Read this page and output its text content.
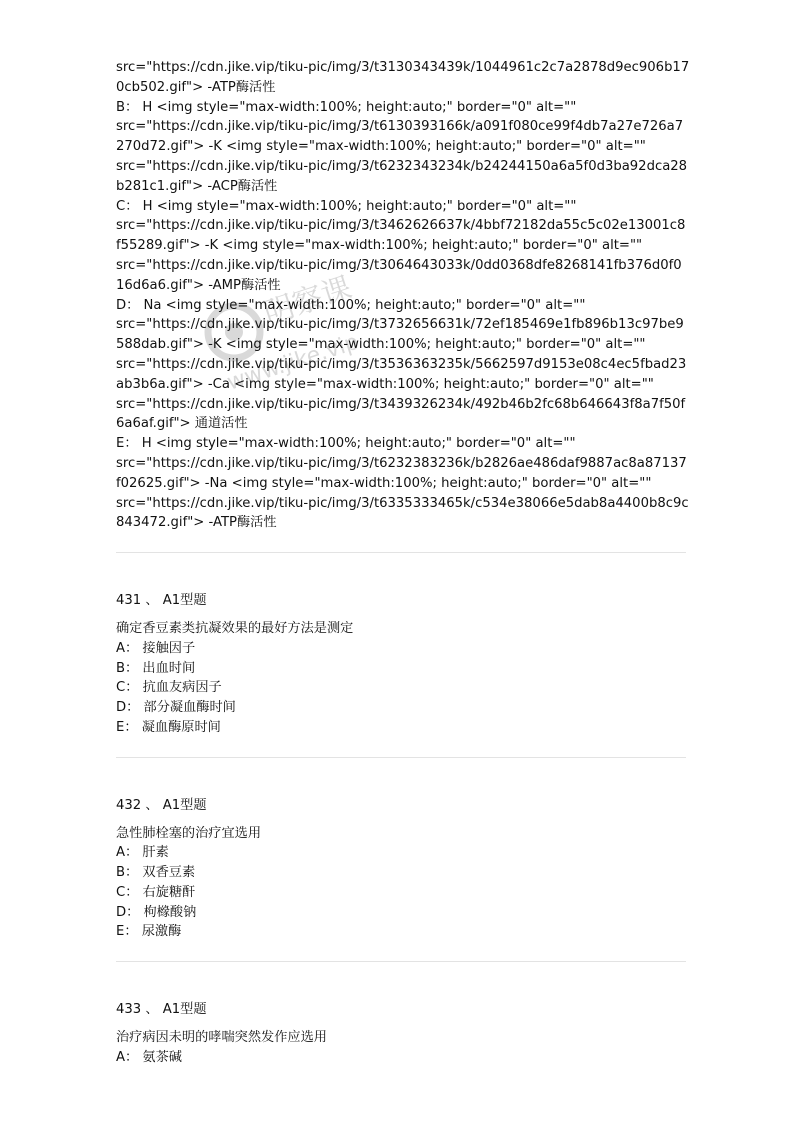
src="https://cdn.jike.vip/tiku-pic/img/3/t3130343439k/1044961c2c7a2878d9ec906b17
0cb502.gif"> -ATP酶活性
B： H <img style="max-width:100%; height:auto;" border="0" alt=""
src="https://cdn.jike.vip/tiku-pic/img/3/t6130393166k/a091f080ce99f4db7a27e726a7
270d72.gif"> -K <img style="max-width:100%; height:auto;" border="0" alt=""
src="https://cdn.jike.vip/tiku-pic/img/3/t6232343234k/b24244150a6a5f0d3ba92dca28
b281c1.gif"> -ACP酶活性
C： H <img style="max-width:100%; height:auto;" border="0" alt=""
src="https://cdn.jike.vip/tiku-pic/img/3/t3462626637k/4bbf72182da55c5c02e13001c8
f55289.gif"> -K <img style="max-width:100%; height:auto;" border="0" alt=""
src="https://cdn.jike.vip/tiku-pic/img/3/t3064643033k/0dd0368dfe8268141fb376d0f0
16d6a6.gif"> -AMP酶活性
D： Na <img style="max-width:100%; height:auto;" border="0" alt=""
src="https://cdn.jike.vip/tiku-pic/img/3/t3732656631k/72ef185469e1fb896b13c97be9
588dab.gif"> -K <img style="max-width:100%; height:auto;" border="0" alt=""
src="https://cdn.jike.vip/tiku-pic/img/3/t3536363235k/5662597d9153e08c4ec5fbad23
ab3b6a.gif"> -Ca <img style="max-width:100%; height:auto;" border="0" alt=""
src="https://cdn.jike.vip/tiku-pic/img/3/t3439326234k/492b46b2fc68b646643f8a7f50f
6a6af.gif"> 通道活性
E： H <img style="max-width:100%; height:auto;" border="0" alt=""
src="https://cdn.jike.vip/tiku-pic/img/3/t6232383236k/b2826ae486daf9887ac8a87137
f02625.gif"> -Na <img style="max-width:100%; height:auto;" border="0" alt=""
src="https://cdn.jike.vip/tiku-pic/img/3/t6335333465k/c534e38066e5dab8a4400b8c9c
843472.gif"> -ATP酶活性
431 、 A1型题
确定香豆素类抗凝效果的最好方法是测定
A： 接触因子
B： 出血时间
C： 抗血友病因子
D： 部分凝血酶时间
E： 凝血酶原时间
432 、 A1型题
急性肺栓塞的治疗宜选用
A： 肝素
B： 双香豆素
C： 右旋糖酐
D： 枸橼酸钠
E： 尿激酶
433 、 A1型题
治疗病因未明的哮喘突然发作应选用
A： 氨茶碱
明察课
www.jike.vip
